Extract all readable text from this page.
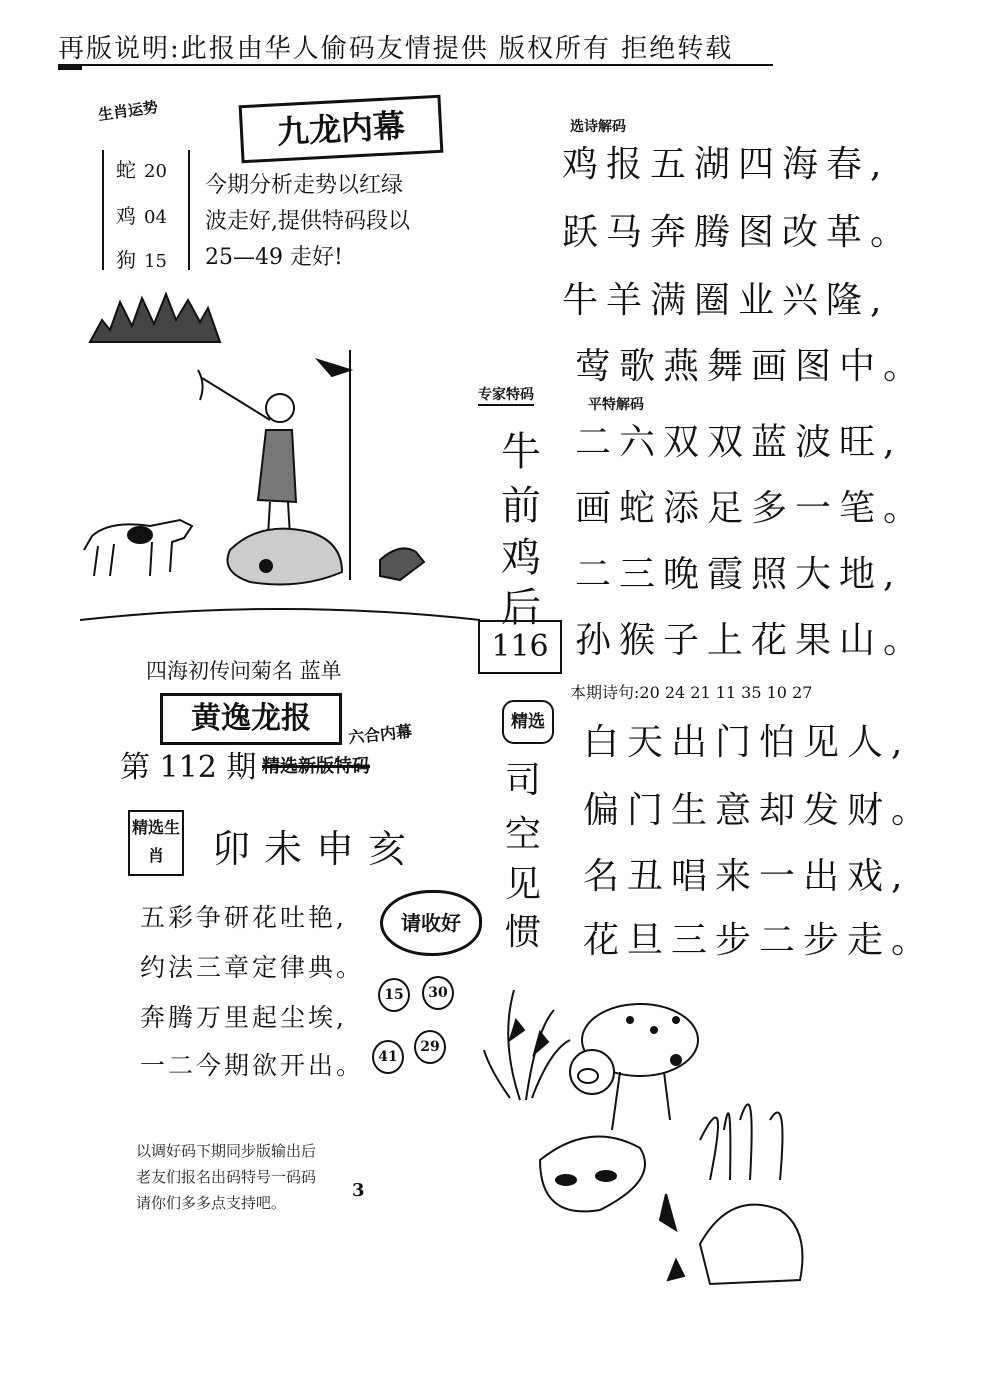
再版说明:此报由华人偷码友情提供 版权所有 拒绝转载
生肖运势	九龙内幕
蛇 20
鸡 04
狗 15
今期分析走势以红绿
波走好,提供特码段以
25—49 走好!
四海初传问菊名 蓝单
黄逸龙报	六合内幕
第 112 期 精选新版特码
精选生肖	卯未申亥
五彩争研花吐艳,
约法三章定律典。
奔腾万里起尘埃,
一二今期欲开出。
请收好
15	30
41
29
以调好码下期同步版输出后
老友们报名出码特号一码码
请你们多多点支持吧。
3
专家特码
牛
前
鸡
后
116
精选
司
空
见
惯
选诗解码
鸡报五湖四海春,
跃马奔腾图改革。
牛羊满圈业兴隆,
莺歌燕舞画图中。
平特解码
二六双双蓝波旺,
画蛇添足多一笔。
二三晚霞照大地,
孙猴子上花果山。
本期诗句:20 24 21 11 35 10 27
白天出门怕见人,
偏门生意却发财。
名丑唱来一出戏,
花旦三步二步走。
